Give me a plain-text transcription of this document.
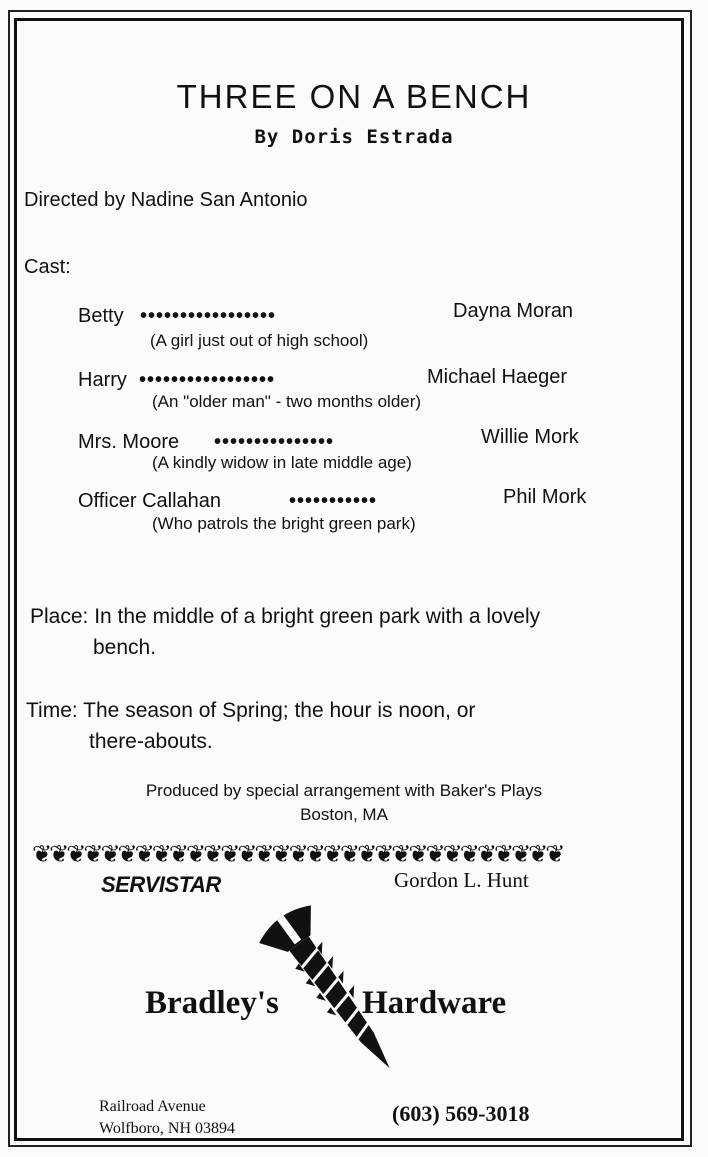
THREE ON A BENCH
By Doris Estrada
Directed by Nadine San Antonio
Cast:
Betty •••••••••••••••••	Dayna Moran
(A girl just out of high school)
Harry •••••••••••••••••	Michael Haeger
(An "older man" - two months older)
Mrs. Moore •••••••••••••••	Willie Mork
(A kindly widow in late middle age)
Officer Callahan	•••••••••••	Phil Mork
(Who patrols the bright green park)
Place: In the middle of a bright green park with a lovely
bench.
Time: The season of Spring; the hour is noon, or
there-abouts.
Produced by special arrangement with Baker's Plays
Boston, MA
❦❦❦❦❦❦❦❦❦❦❦❦❦❦❦❦❦❦❦❦❦❦❦❦❦❦❦❦❦❦❦
SERVISTAR	Gordon L. Hunt
Bradley's	Hardware
Railroad Avenue
Wolfboro, NH 03894
(603) 569-3018
